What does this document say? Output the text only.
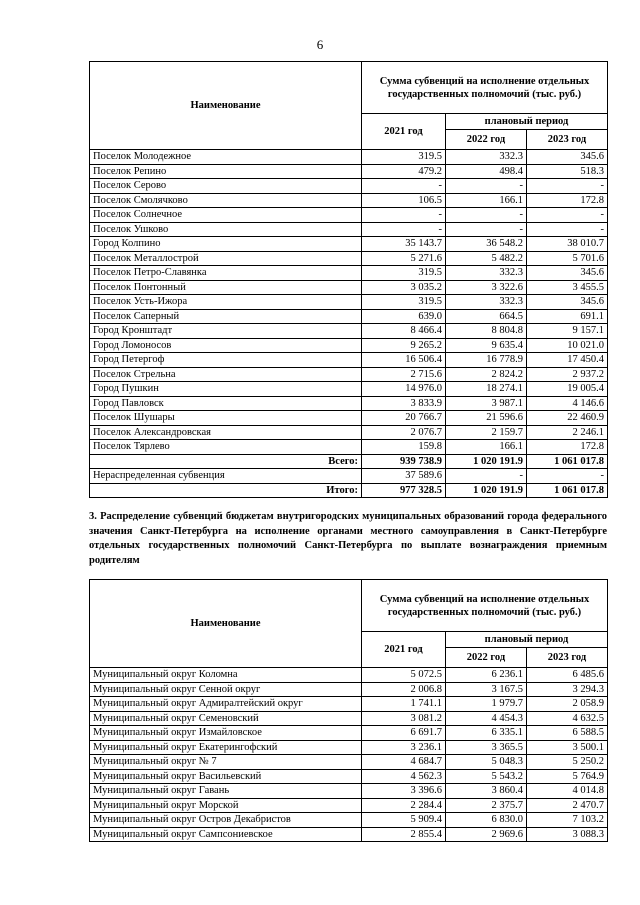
6
Наименование	Сумма субвенций на исполнение отдельных государственных полномочий (тыс. руб.)		
	2021 год	плановый период	
		2022 год	2023 год
Поселок Молодежное	319.5	332.3	345.6
Поселок Репино	479.2	498.4	518.3
Поселок Серово	-	-	-
Поселок Смолячково	106.5	166.1	172.8
Поселок Солнечное	-	-	-
Поселок Ушково	-	-	-
Город Колпино	35 143.7	36 548.2	38 010.7
Поселок Металлострой	5 271.6	5 482.2	5 701.6
Поселок Петро-Славянка	319.5	332.3	345.6
Поселок Понтонный	3 035.2	3 322.6	3 455.5
Поселок Усть-Ижора	319.5	332.3	345.6
Поселок Саперный	639.0	664.5	691.1
Город Кронштадт	8 466.4	8 804.8	9 157.1
Город Ломоносов	9 265.2	9 635.4	10 021.0
Город Петергоф	16 506.4	16 778.9	17 450.4
Поселок Стрельна	2 715.6	2 824.2	2 937.2
Город Пушкин	14 976.0	18 274.1	19 005.4
Город Павловск	3 833.9	3 987.1	4 146.6
Поселок Шушары	20 766.7	21 596.6	22 460.9
Поселок Александровская	2 076.7	2 159.7	2 246.1
Поселок Тярлево	159.8	166.1	172.8
Всего:	939 738.9	1 020 191.9	1 061 017.8
Нераспределенная субвенция	37 589.6	-	-
Итого:	977 328.5	1 020 191.9	1 061 017.8
3. Распределение субвенций бюджетам внутригородских муниципальных образований города федерального значения Санкт-Петербурга на исполнение органами местного самоуправления в Санкт-Петербурге отдельных государственных полномочий Санкт-Петербурга по выплате вознаграждения приемным родителям
Наименование	Сумма субвенций на исполнение отдельных государственных полномочий (тыс. руб.)		
	2021 год	плановый период	
		2022 год	2023 год
Муниципальный округ Коломна	5 072.5	6 236.1	6 485.6
Муниципальный округ Сенной округ	2 006.8	3 167.5	3 294.3
Муниципальный округ Адмиралтейский округ	1 741.1	1 979.7	2 058.9
Муниципальный округ Семеновский	3 081.2	4 454.3	4 632.5
Муниципальный округ Измайловское	6 691.7	6 335.1	6 588.5
Муниципальный округ Екатерингофский	3 236.1	3 365.5	3 500.1
Муниципальный округ № 7	4 684.7	5 048.3	5 250.2
Муниципальный округ Васильевский	4 562.3	5 543.2	5 764.9
Муниципальный округ Гавань	3 396.6	3 860.4	4 014.8
Муниципальный округ Морской	2 284.4	2 375.7	2 470.7
Муниципальный округ Остров Декабристов	5 909.4	6 830.0	7 103.2
Муниципальный округ Сампсониевское	2 855.4	2 969.6	3 088.3
